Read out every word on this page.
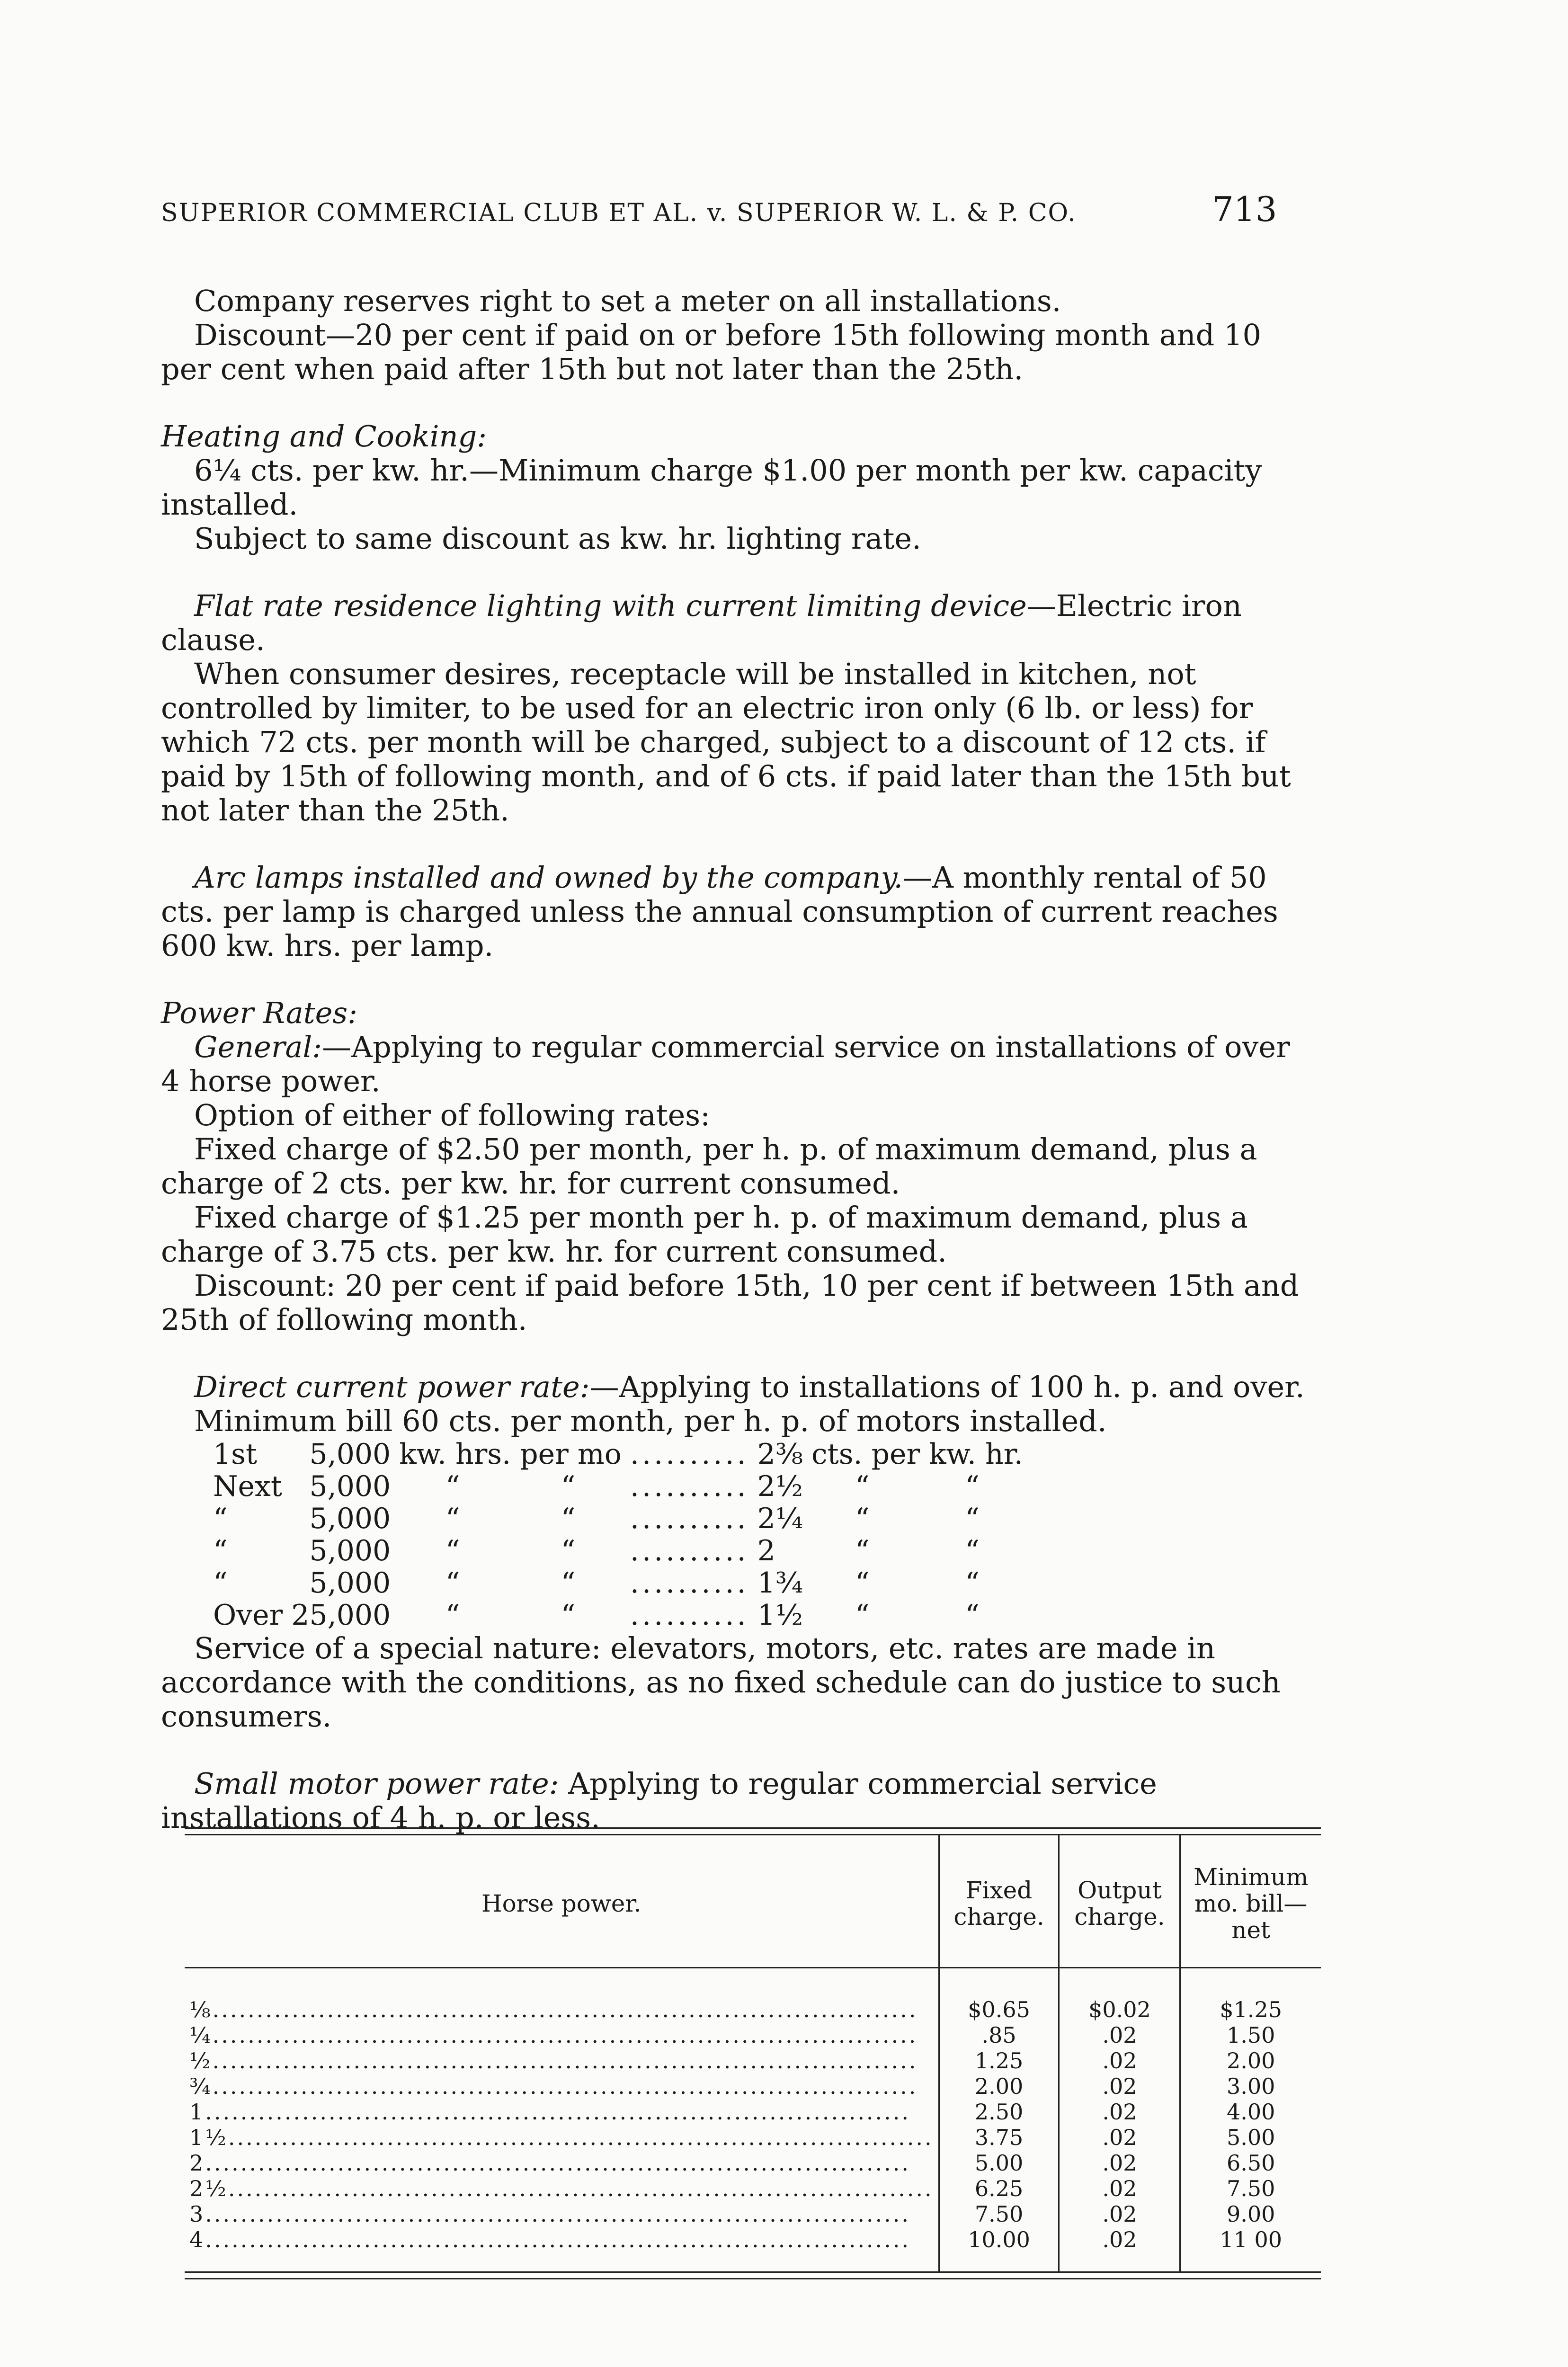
SUPERIOR COMMERCIAL CLUB ET AL. v. SUPERIOR W. L. & P. CO.	713

Company reserves right to set a meter on all installations.

Discount—20 per cent if paid on or before 15th following month and 10 per cent when paid after 15th but not later than the 25th.

Heating and Cooking:

6¼ cts. per kw. hr.—Minimum charge $1.00 per month per kw. capacity installed.

Subject to same discount as kw. hr. lighting rate.

Flat rate residence lighting with current limiting device—Electric iron clause.

When consumer desires, receptacle will be installed in kitchen, not controlled by limiter, to be used for an electric iron only (6 lb. or less) for which 72 cts. per month will be charged, subject to a discount of 12 cts. if paid by 15th of following month, and of 6 cts. if paid later than the 15th but not later than the 25th.

Arc lamps installed and owned by the company.—A monthly rental of 50 cts. per lamp is charged unless the annual consumption of current reaches 600 kw. hrs. per lamp.

Power Rates:

General:—Applying to regular commercial service on installations of over 4 horse power.

Option of either of following rates:

Fixed charge of $2.50 per month, per h. p. of maximum demand, plus a charge of 2 cts. per kw. hr. for current consumed.

Fixed charge of $1.25 per month per h. p. of maximum demand, plus a charge of 3.75 cts. per kw. hr. for current consumed.

Discount: 20 per cent if paid before 15th, 10 per cent if between 15th and 25th of following month.

Direct current power rate:—Applying to installations of 100 h. p. and over.

Minimum bill 60 cts. per month, per h. p. of motors installed.

1st	5,000	kw. hrs. per mo		..........	2⅜	cts. per kw. hr.	
Next	5,000	“	“	..........	2½	“	“
“	5,000	“	“	..........	2¼	“	“
“	5,000	“	“	..........	2	“	“
“	5,000	“	“	..........	1¾	“	“
Over	25,000	“	“	..........	1½	“	“

Service of a special nature: elevators, motors, etc. rates are made in accordance with the conditions, as no fixed schedule can do justice to such consumers.

Small motor power rate: Applying to regular commercial service installations of 4 h. p. or less.

Horse power.	Fixed charge.	Output charge.	Minimum mo. bill—net
⅛................................................................................	$0.65	$0.02	$1.25
¼................................................................................	.85	.02	1.50
½................................................................................	1.25	.02	2.00
¾................................................................................	2.00	.02	3.00
1................................................................................	2.50	.02	4.00
1½................................................................................	3.75	.02	5.00
2................................................................................	5.00	.02	6.50
2½................................................................................	6.25	.02	7.50
3................................................................................	7.50	.02	9.00
4................................................................................	10.00	.02	11 00
